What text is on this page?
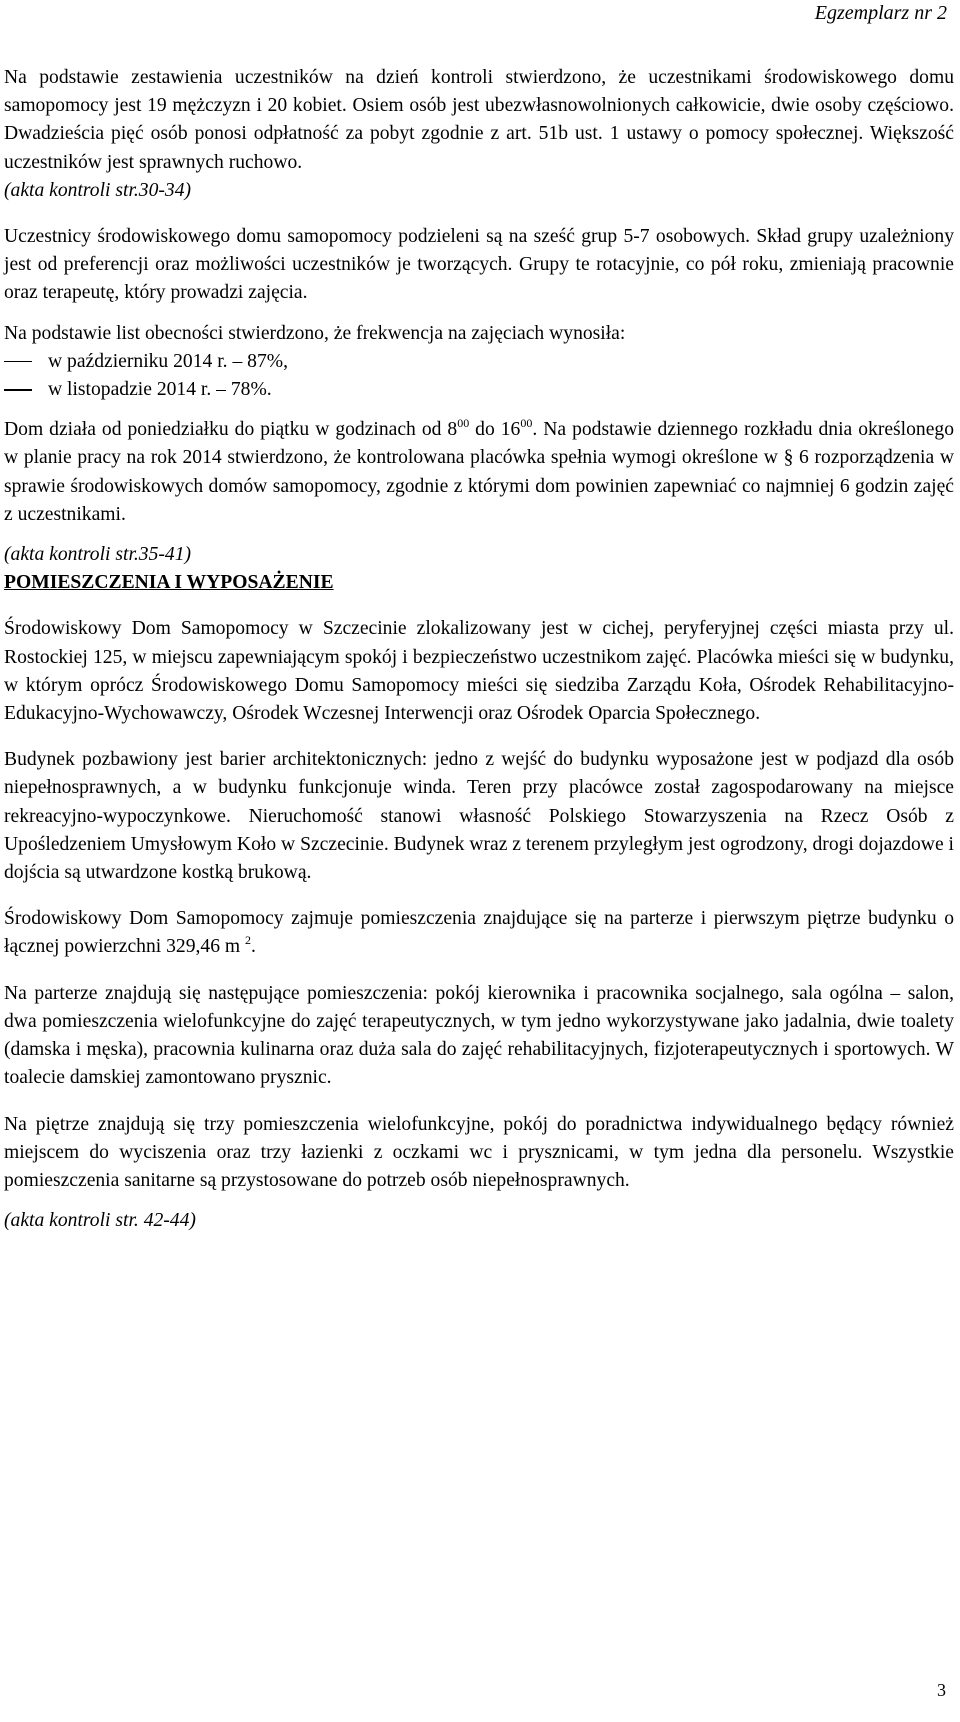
Egzemplarz nr 2

Na podstawie zestawienia uczestników na dzień kontroli stwierdzono, że uczestnikami środowiskowego domu samopomocy jest 19 mężczyzn i 20 kobiet. Osiem osób jest ubezwłasnowolnionych całkowicie, dwie osoby częściowo. Dwadzieścia pięć osób ponosi odpłatność za pobyt zgodnie z art. 51b ust. 1 ustawy o pomocy społecznej. Większość uczestników jest sprawnych ruchowo.

(akta kontroli str.30-34)

Uczestnicy środowiskowego domu samopomocy podzieleni są na sześć grup 5-7 osobowych. Skład grupy uzależniony jest od preferencji oraz możliwości uczestników je tworzących. Grupy te rotacyjnie, co pół roku, zmieniają pracownie oraz terapeutę, który prowadzi zajęcia.

Na podstawie list obecności stwierdzono, że frekwencja na zajęciach wynosiła:

w październiku 2014 r. – 87%,
w listopadzie 2014 r. – 78%.

Dom działa od poniedziałku do piątku w godzinach od $8^{00}$ do $16^{00}$. Na podstawie dziennego rozkładu dnia określonego w planie pracy na rok 2014 stwierdzono, że kontrolowana placówka spełnia wymogi określone w § 6 rozporządzenia w sprawie środowiskowych domów samopomocy, zgodnie z którymi dom powinien zapewniać co najmniej 6 godzin zajęć z uczestnikami.

(akta kontroli str.35-41)

POMIESZCZENIA I WYPOSAŻENIE

Środowiskowy Dom Samopomocy w Szczecinie zlokalizowany jest w cichej, peryferyjnej części miasta przy ul. Rostockiej 125, w miejscu zapewniającym spokój i bezpieczeństwo uczestnikom zajęć. Placówka mieści się w budynku, w którym oprócz Środowiskowego Domu Samopomocy mieści się siedziba Zarządu Koła, Ośrodek Rehabilitacyjno-Edukacyjno-Wychowawczy, Ośrodek Wczesnej Interwencji oraz Ośrodek Oparcia Społecznego.

Budynek pozbawiony jest barier architektonicznych: jedno z wejść do budynku wyposażone jest w podjazd dla osób niepełnosprawnych, a w budynku funkcjonuje winda. Teren przy placówce został zagospodarowany na miejsce rekreacyjno-wypoczynkowe. Nieruchomość stanowi własność Polskiego Stowarzyszenia na Rzecz Osób z Upośledzeniem Umysłowym Koło w Szczecinie. Budynek wraz z terenem przyległym jest ogrodzony, drogi dojazdowe i dojścia są utwardzone kostką brukową.

Środowiskowy Dom Samopomocy zajmuje pomieszczenia znajdujące się na parterze i pierwszym piętrze budynku o łącznej powierzchni 329,46 m $^2$.

Na parterze znajdują się następujące pomieszczenia: pokój kierownika i pracownika socjalnego, sala ogólna – salon, dwa pomieszczenia wielofunkcyjne do zajęć terapeutycznych, w tym jedno wykorzystywane jako jadalnia, dwie toalety (damska i męska), pracownia kulinarna oraz duża sala do zajęć rehabilitacyjnych, fizjoterapeutycznych i sportowych. W toalecie damskiej zamontowano prysznic.

Na piętrze znajdują się trzy pomieszczenia wielofunkcyjne, pokój do poradnictwa indywidualnego będący również miejscem do wyciszenia oraz trzy łazienki z oczkami wc i prysznicami, w tym jedna dla personelu. Wszystkie pomieszczenia sanitarne są przystosowane do potrzeb osób niepełnosprawnych.

(akta kontroli str. 42-44)

3
